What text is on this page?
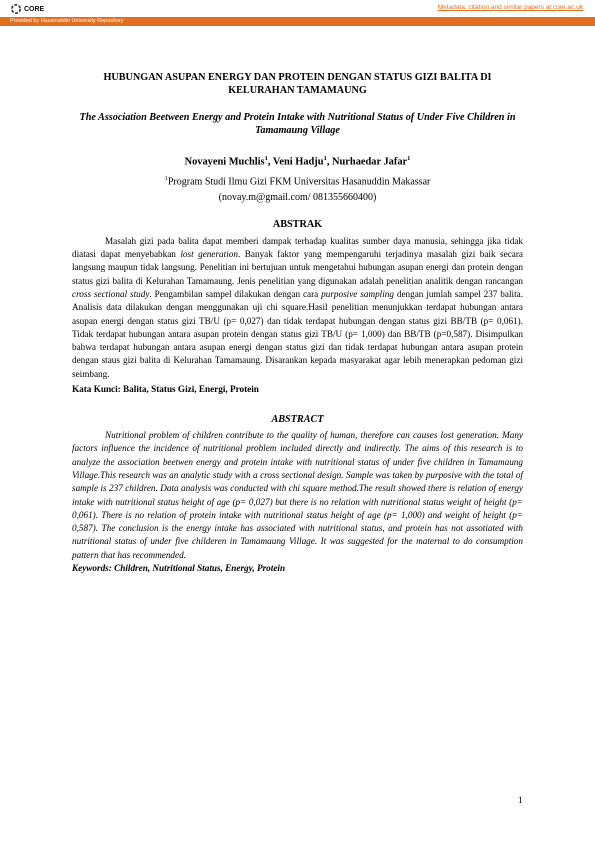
CORE	Metadata, citation and similar papers at core.ac.uk
Provided by Hasanuddin University Repository

HUBUNGAN ASUPAN ENERGY DAN PROTEIN DENGAN STATUS GIZI BALITA DI KELURAHAN TAMAMAUNG

The Association Beetween Energy and Protein Intake with Nutritional Status of Under Five Children in Tamamaung Village

Novayeni Muchlis$^1$, Veni Hadju$^1$, Nurhaedar Jafar$^1$
$^1$Program Studi Ilmu Gizi FKM Universitas Hasanuddin Makassar
(novay.m@gmail.com/ 081355660400)
ABSTRAK

Masalah gizi pada balita dapat memberi dampak terhadap kualitas sumber daya manusia, sehingga jika tidak diatasi dapat menyebabkan lost generation. Banyak faktor yang mempengaruhi terjadinya masalah gizi baik secara langsung maupun tidak langsung. Penelitian ini bertujuan untuk mengetahui hubungan asupan energi dan protein dengan status gizi balita di Kelurahan Tamamaung. Jenis penelitian yang digunakan adalah penelitian analitik dengan rancangan cross sectional study. Pengambilan sampel dilakukan dengan cara purposive sampling dengan jumlah sampel 237 balita. Analisis data dilakukan dengan menggunakan uji chi square.Hasil penelitian menunjukkan terdapat hubungan antara asupan energi dengan status gizi TB/U (p= 0,027) dan tidak terdapat hubungan dengan status gizi BB/TB (p= 0,061). Tidak terdapat hubungan antara asupan protein dengan status gizi TB/U (p= 1,000) dan BB/TB (p=0,587). Disimpulkan bahwa terdapat hubungan antara asupan energi dengan status gizi dan tidak terdapat hubungan antara asupan protein dengan staus gizi balita di Kelurahan Tamamaung. Disarankan kepada masyarakat agar lebih menerapkan pedoman gizi seimbang.

Kata Kunci: Balita, Status Gizi, Energi, Protein
ABSTRACT

Nutritional problem of children contribute to the quality of human, therefore can causes lost generation. Many factors influence the incidence of nutritional problem included directly and indirectly. The aims of this research is to analyze the association beetwen energy and protein intake with nutritional status of under five children in Tamamaung Village.This research was an analytic study with a cross sectional design. Sample was taken by purposive with the total of sample is 237 children. Data analysis was conducted with chi square method.The result showed there is relation of energy intake with nutritional status height of age (p= 0,027) but there is no relation with nutritional status weight of height (p= 0,061). There is no relation of protein intake with nutritional status height of age (p= 1,000) and weight of height (p= 0,587). The conclusion is the energy intake has associated with nutritional status, and protein has not assotiated with nutritional status of under five childeren in Tamamaung Village. It was suggested for the maternal to do consumption pattern that has recommended.

Keywords: Children, Nutritional Status, Energy, Protein
1
